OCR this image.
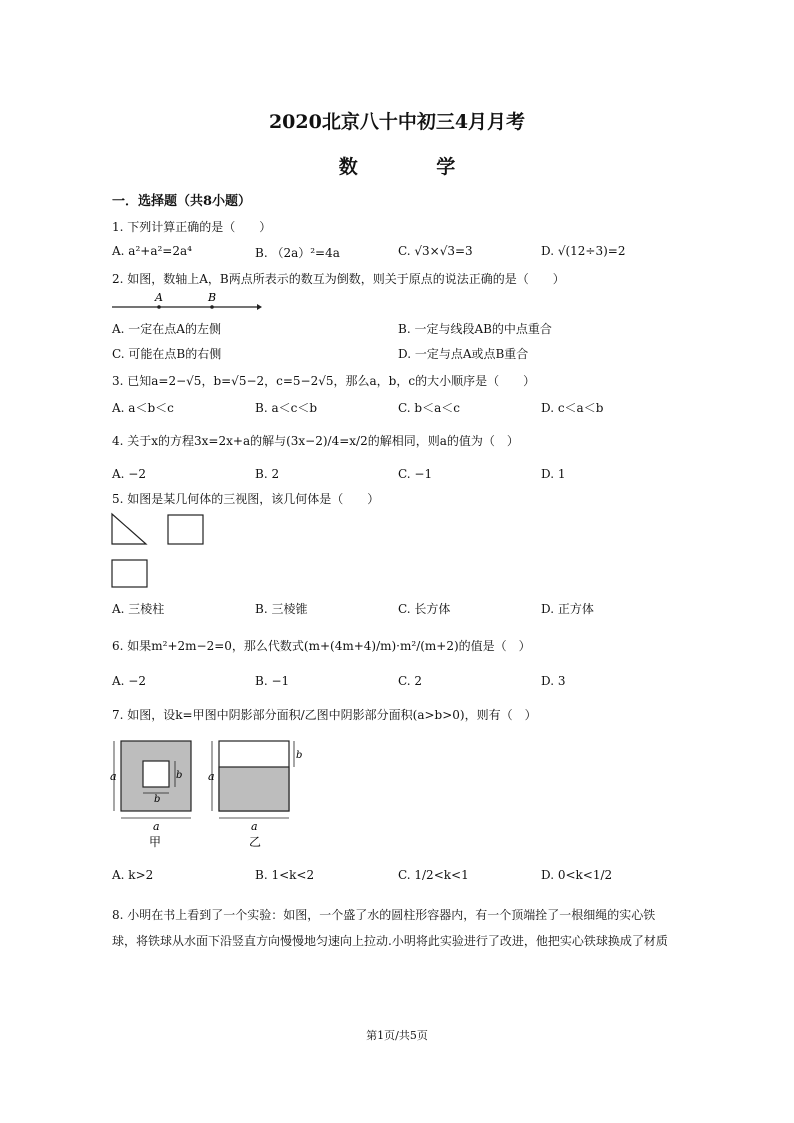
2020北京八十中初三4月月考
数 学
一．选择题（共8小题）
1. 下列计算正确的是（　　）
A. a²+a²=2a⁴	B. （2a）²=4a	C. √3×√3=3	D. √(12÷3)=2
2. 如图，数轴上A，B两点所表示的数互为倒数，则关于原点的说法正确的是（　　）
A	B
A. 一定在点A的左侧	B. 一定与线段AB的中点重合
C. 可能在点B的右侧	D. 一定与点A或点B重合
3. 已知a=2−√5，b=√5−2，c=5−2√5，那么a，b，c的大小顺序是（　　）
A. a＜b＜c	B. a＜c＜b	C. b＜a＜c	D. c＜a＜b
4. 关于x的方程3x=2x+a的解与(3x−2)/4=x/2的解相同，则a的值为（　）
A. −2	B. 2	C. −1	D. 1
5. 如图是某几何体的三视图，该几何体是（　　）
A. 三棱柱	B. 三棱锥	C. 长方体	D. 正方体
6. 如果m²+2m−2=0，那么代数式(m+(4m+4)/m)·m²/(m+2)的值是（　）
A. −2	B. −1	C. 2	D. 3
7. 如图，设k=甲图中阴影部分面积/乙图中阴影部分面积(a>b>0)，则有（　）
a
a
b
b
甲
a
a
b
乙
A. k>2	B. 1<k<2	C. 1/2<k<1	D. 0<k<1/2
8. 小明在书上看到了一个实验：如图，一个盛了水的圆柱形容器内，有一个顶端拴了一根细绳的实心铁
球，将铁球从水面下沿竖直方向慢慢地匀速向上拉动.小明将此实验进行了改进，他把实心铁球换成了材质
第1页/共5页
